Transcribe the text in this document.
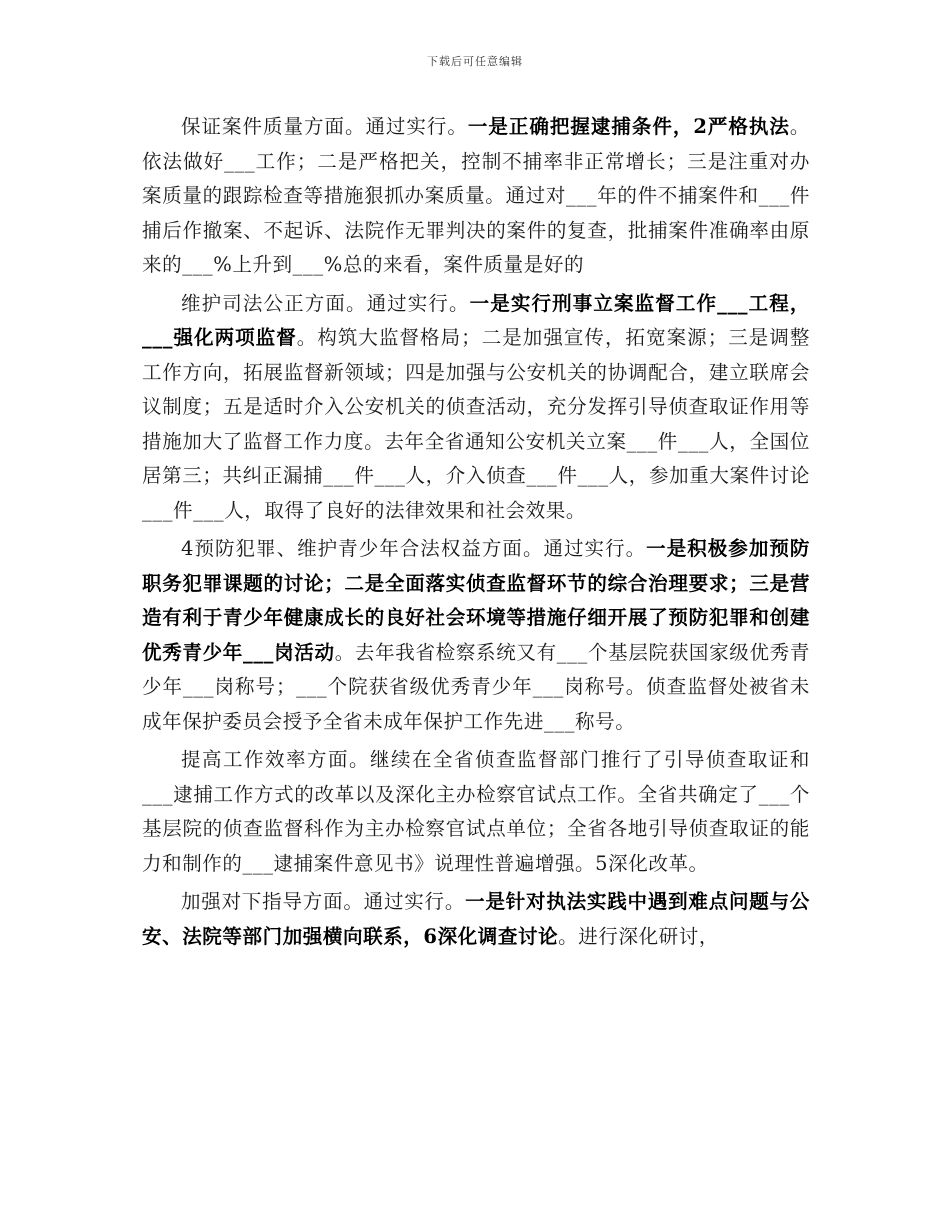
下载后可任意编辑

保证案件质量方面。通过实行。一是正确把握逮捕条件，2严格执法。依法做好___工作；二是严格把关，控制不捕率非正常增长；三是注重对办案质量的跟踪检查等措施狠抓办案质量。通过对___年的件不捕案件和___件捕后作撤案、不起诉、法院作无罪判决的案件的复查，批捕案件准确率由原来的___%上升到___%总的来看，案件质量是好的

维护司法公正方面。通过实行。一是实行刑事立案监督工作___工程，___强化两项监督。构筑大监督格局；二是加强宣传，拓宽案源；三是调整工作方向，拓展监督新领域；四是加强与公安机关的协调配合，建立联席会议制度；五是适时介入公安机关的侦查活动，充分发挥引导侦查取证作用等措施加大了监督工作力度。去年全省通知公安机关立案___件___人，全国位居第三；共纠正漏捕___件___人，介入侦查___件___人，参加重大案件讨论___件___人，取得了良好的法律效果和社会效果。

4预防犯罪、维护青少年合法权益方面。通过实行。一是积极参加预防职务犯罪课题的讨论；二是全面落实侦查监督环节的综合治理要求；三是营造有利于青少年健康成长的良好社会环境等措施仔细开展了预防犯罪和创建优秀青少年___岗活动。去年我省检察系统又有___个基层院获国家级优秀青少年___岗称号；___个院获省级优秀青少年___岗称号。侦查监督处被省未成年保护委员会授予全省未成年保护工作先进___称号。

提高工作效率方面。继续在全省侦查监督部门推行了引导侦查取证和___逮捕工作方式的改革以及深化主办检察官试点工作。全省共确定了___个基层院的侦查监督科作为主办检察官试点单位；全省各地引导侦查取证的能力和制作的___逮捕案件意见书》说理性普遍增强。5深化改革。

加强对下指导方面。通过实行。一是针对执法实践中遇到难点问题与公安、法院等部门加强横向联系，6深化调查讨论。进行深化研讨，
